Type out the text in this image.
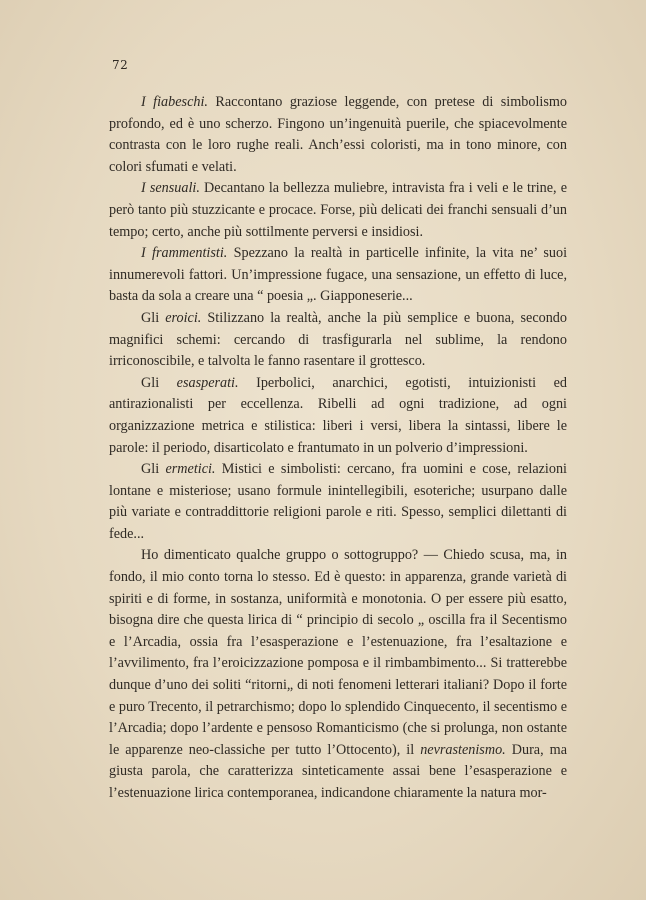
72

I fiabeschi. Raccontano graziose leggende, con pretese di simbolismo profondo, ed è uno scherzo. Fingono un’ingenuità puerile, che spiacevolmente contrasta con le loro rughe reali. Anch’essi coloristi, ma in tono minore, con colori sfumati e velati.

I sensuali. Decantano la bellezza muliebre, intravista fra i veli e le trine, e però tanto più stuzzicante e procace. Forse, più delicati dei franchi sensuali d’un tempo; certo, anche più sottilmente perversi e insidiosi.

I frammentisti. Spezzano la realtà in particelle infinite, la vita ne’ suoi innumerevoli fattori. Un’impressione fugace, una sensazione, un effetto di luce, basta da sola a creare una “ poesia „. Giapponeserie...

Gli eroici. Stilizzano la realtà, anche la più semplice e buona, secondo magnifici schemi: cercando di trasfigurarla nel sublime, la rendono irriconoscibile, e talvolta le fanno rasentare il grottesco.

Gli esasperati. Iperbolici, anarchici, egotisti, intuizionisti ed antirazionalisti per eccellenza. Ribelli ad ogni tradizione, ad ogni organizzazione metrica e stilistica: liberi i versi, libera la sintassi, libere le parole: il periodo, disarticolato e frantumato in un polverio d’impressioni.

Gli ermetici. Mistici e simbolisti: cercano, fra uomini e cose, relazioni lontane e misteriose; usano formule inintellegibili, esoteriche; usurpano dalle più variate e contraddittorie religioni parole e riti. Spesso, semplici dilettanti di fede...

Ho dimenticato qualche gruppo o sottogruppo? — Chiedo scusa, ma, in fondo, il mio conto torna lo stesso. Ed è questo: in apparenza, grande varietà di spiriti e di forme, in sostanza, uniformità e monotonia. O per essere più esatto, bisogna dire che questa lirica di “ principio di secolo „ oscilla fra il Secentismo e l’Arcadia, ossia fra l’esasperazione e l’estenuazione, fra l’esaltazione e l’avvilimento, fra l’eroicizzazione pomposa e il rimbambimento... Si tratterebbe dunque d’uno dei soliti “ritorni„ di noti fenomeni letterari italiani? Dopo il forte e puro Trecento, il petrarchismo; dopo lo splendido Cinquecento, il secentismo e l’Arcadia; dopo l’ardente e pensoso Romanticismo (che si prolunga, non ostante le apparenze neo-classiche per tutto l’Ottocento), il nevrastenismo. Dura, ma giusta parola, che caratterizza sinteticamente assai bene l’esasperazione e l’estenuazione lirica contemporanea, indicandone chiaramente la natura mor-
